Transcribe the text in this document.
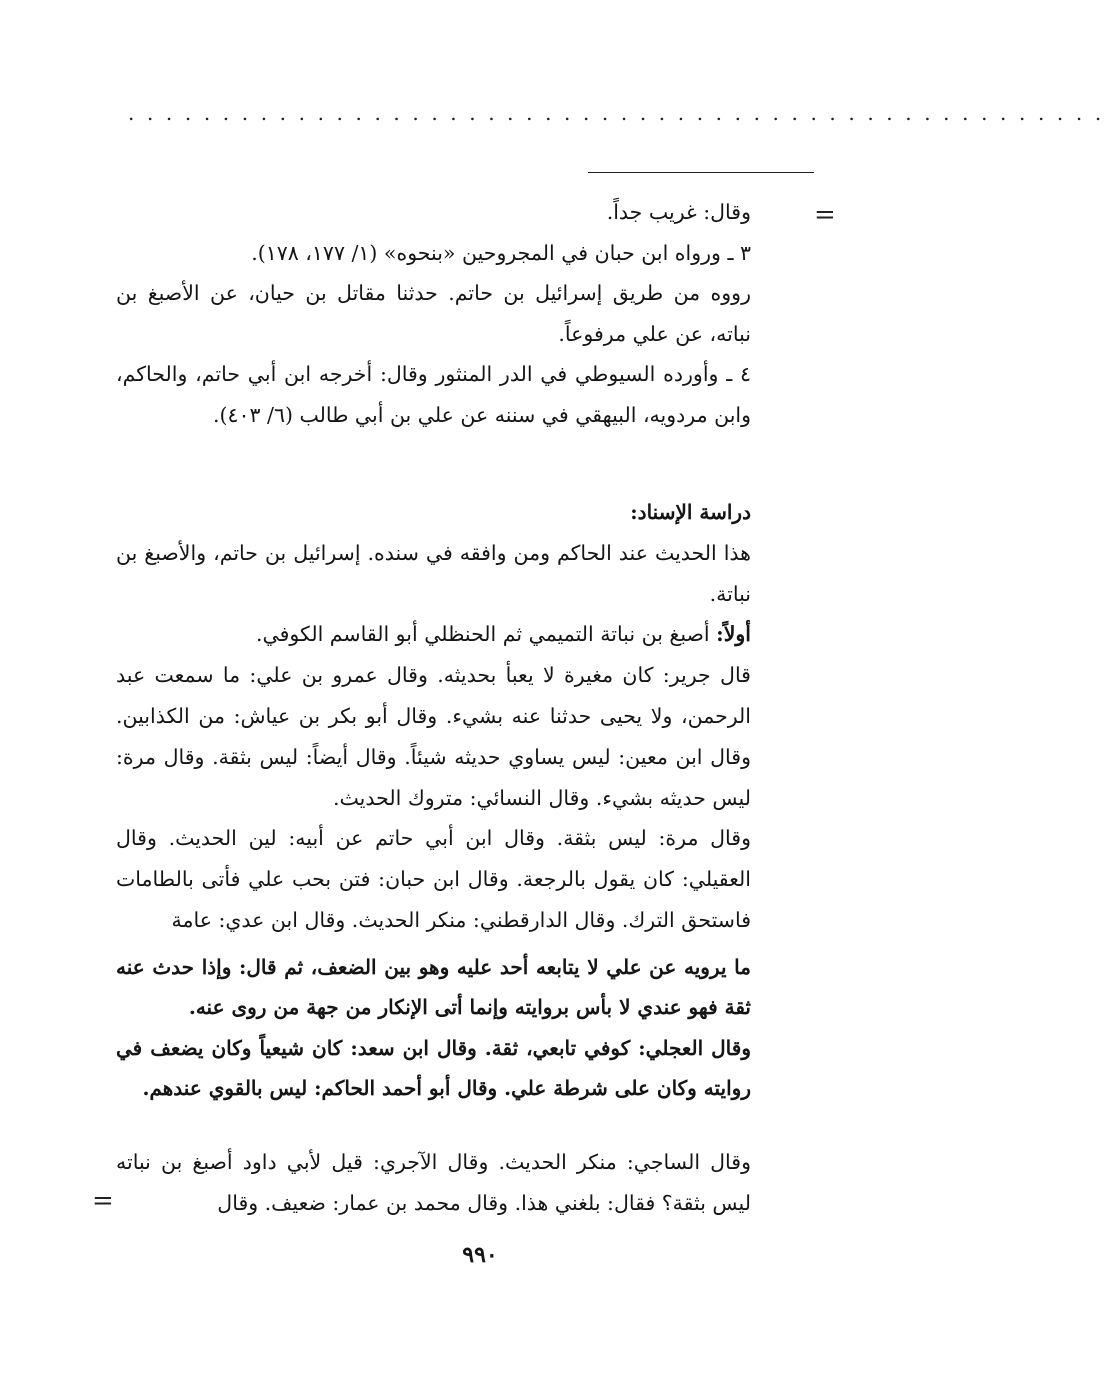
....................................................
=

وقال: غريب جداً.

٣ ـ ورواه ابن حبان في المجروحين «بنحوه» (١/ ١٧٧، ١٧٨).

رووه من طريق إسرائيل بن حاتم. حدثنا مقاتل بن حيان، عن الأصبغ بن نباته، عن علي مرفوعاً.

٤ ـ وأورده السيوطي في الدر المنثور وقال: أخرجه ابن أبي حاتم، والحاكم، وابن مردويه، البيهقي في سننه عن علي بن أبي طالب (٦/ ٤٠٣).

دراسة الإسناد:

هذا الحديث عند الحاكم ومن وافقه في سنده. إسرائيل بن حاتم، والأصبغ بن نباتة.

أولاً: أصبغ بن نباتة التميمي ثم الحنظلي أبو القاسم الكوفي.

قال جرير: كان مغيرة لا يعبأ بحديثه. وقال عمرو بن علي: ما سمعت عبد الرحمن، ولا يحيى حدثنا عنه بشيء. وقال أبو بكر بن عياش: من الكذابين. وقال ابن معين: ليس يساوي حديثه شيئاً. وقال أيضاً: ليس بثقة. وقال مرة: ليس حديثه بشيء. وقال النسائي: متروك الحديث.

وقال مرة: ليس بثقة. وقال ابن أبي حاتم عن أبيه: لين الحديث. وقال العقيلي: كان يقول بالرجعة. وقال ابن حبان: فتن بحب علي فأتى بالطامات فاستحق الترك. وقال الدارقطني: منكر الحديث. وقال ابن عدي: عامة

ما يرويه عن علي لا يتابعه أحد عليه وهو بين الضعف، ثم قال: وإذا حدث عنه ثقة فهو عندي لا بأس بروايته وإنما أتى الإنكار من جهة من روى عنه.

وقال العجلي: كوفي تابعي، ثقة. وقال ابن سعد: كان شيعياً وكان يضعف في روايته وكان على شرطة علي. وقال أبو أحمد الحاكم: ليس بالقوي عندهم.

وقال الساجي: منكر الحديث. وقال الآجري: قيل لأبي داود أصبغ بن نباته ليس بثقة؟ فقال: بلغني هذا. وقال محمد بن عمار: ضعيف. وقال

=
٩٩٠
